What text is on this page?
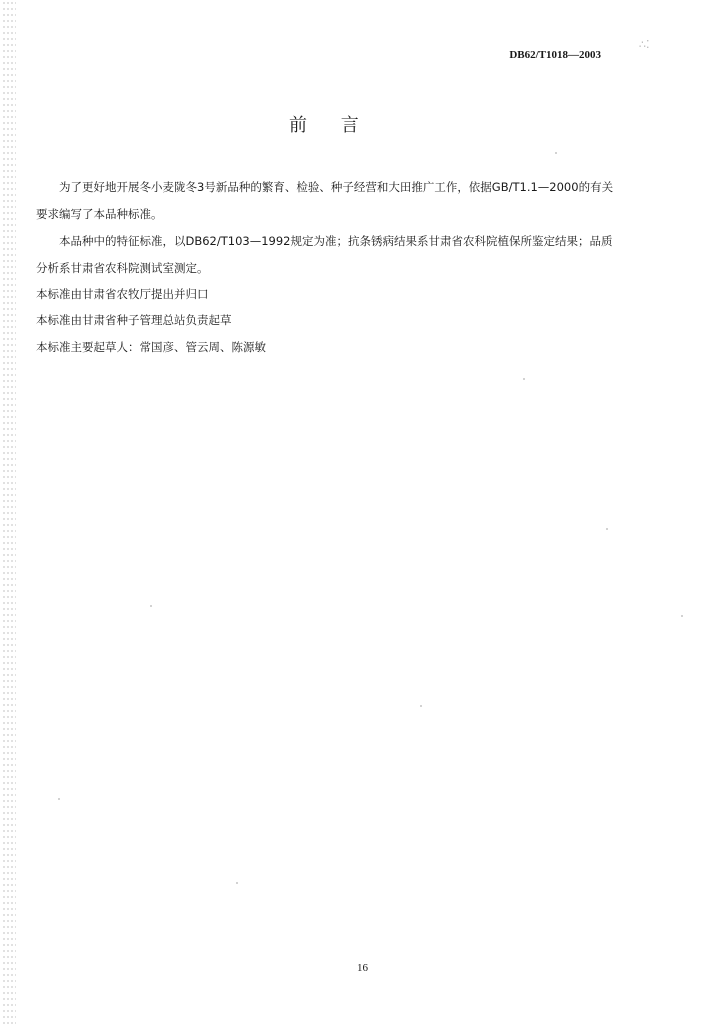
∴⁚
DB62/T1018—2003
前 言
为了更好地开展冬小麦陇冬3号新品种的繁育、检验、种子经营和大田推广工作，依据GB/T1.1—2000的有关要求编写了本品种标准。
本品种中的特征标准，以DB62/T103—1992规定为准；抗条锈病结果系甘肃省农科院植保所鉴定结果；品质分析系甘肃省农科院测试室测定。
本标准由甘肃省农牧厅提出并归口
本标准由甘肃省种子管理总站负责起草
本标准主要起草人：常国彦、管云周、陈源敏
16
